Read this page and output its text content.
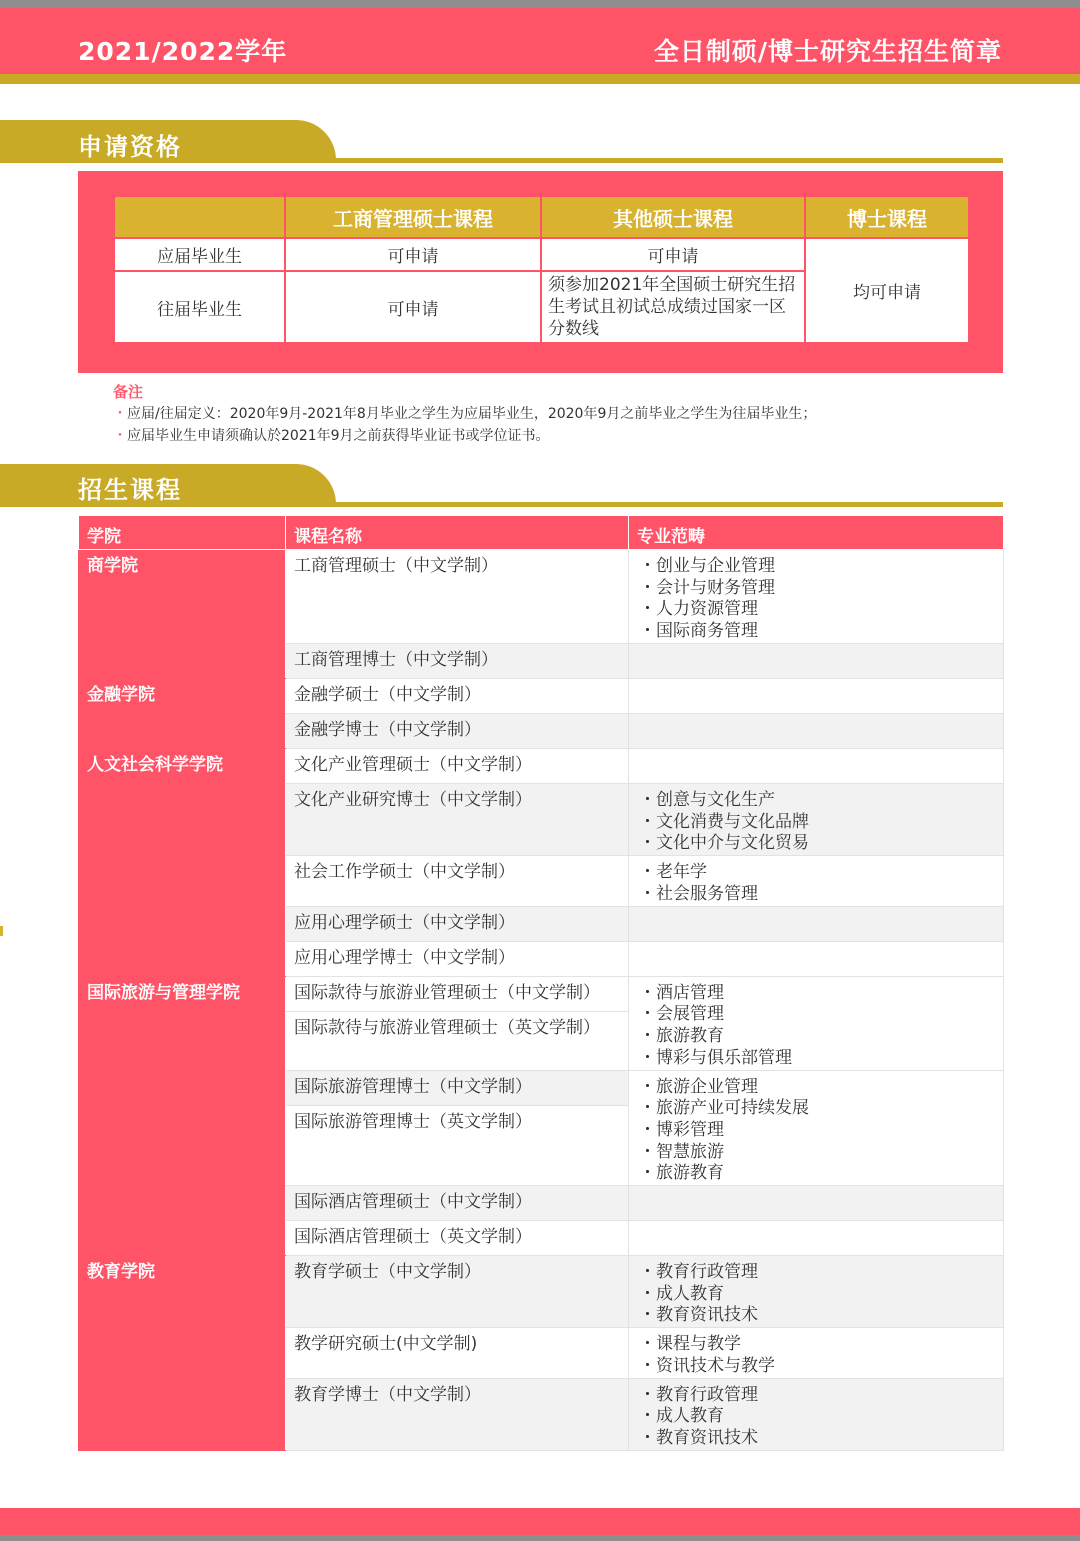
2021/2022学年	全日制硕/博士研究生招生简章
申请资格
	工商管理硕士课程	其他硕士课程	博士课程
应届毕业生	可申请	可申请	均可申请
往届毕业生	可申请	须参加2021年全国硕士研究生招生考试且初试总成绩过国家一区分数线	
备注
・应届/往届定义：2020年9月-2021年8月毕业之学生为应届毕业生，2020年9月之前毕业之学生为往届毕业生；
・应届毕业生申请须确认於2021年9月之前获得毕业证书或学位证书。
招生课程
学院	课程名称	专业范畴
商学院	工商管理硕士（中文学制）	・ 创业与企业管理
・ 会计与财务管理
・ 人力资源管理
・ 国际商务管理

	工商管理博士（中文学制）	
金融学院	金融学硕士（中文学制）	
	金融学博士（中文学制）	
人文社会科学学院	文化产业管理硕士（中文学制）	
	文化产业研究博士（中文学制）	・ 创意与文化生产
・ 文化消费与文化品牌
・ 文化中介与文化贸易

	社会工作学硕士（中文学制）	・ 老年学
・ 社会服务管理

	应用心理学硕士（中文学制）	
	应用心理学博士（中文学制）	
国际旅游与管理学院	国际款待与旅游业管理硕士（中文学制）	・ 酒店管理
・ 会展管理
・ 旅游教育
・ 博彩与俱乐部管理

	国际款待与旅游业管理硕士（英文学制）	
	国际旅游管理博士（中文学制）	・ 旅游企业管理
・ 旅游产业可持续发展
・ 博彩管理
・ 智慧旅游
・ 旅游教育

	国际旅游管理博士（英文学制）	
	国际酒店管理硕士（中文学制）	
	国际酒店管理硕士（英文学制）	
教育学院	教育学硕士（中文学制）	・ 教育行政管理
・ 成人教育
・ 教育资讯技术

	教学研究硕士(中文学制)	・ 课程与教学
・ 资讯技术与教学

	教育学博士（中文学制）	・ 教育行政管理
・ 成人教育
・ 教育资讯技术
